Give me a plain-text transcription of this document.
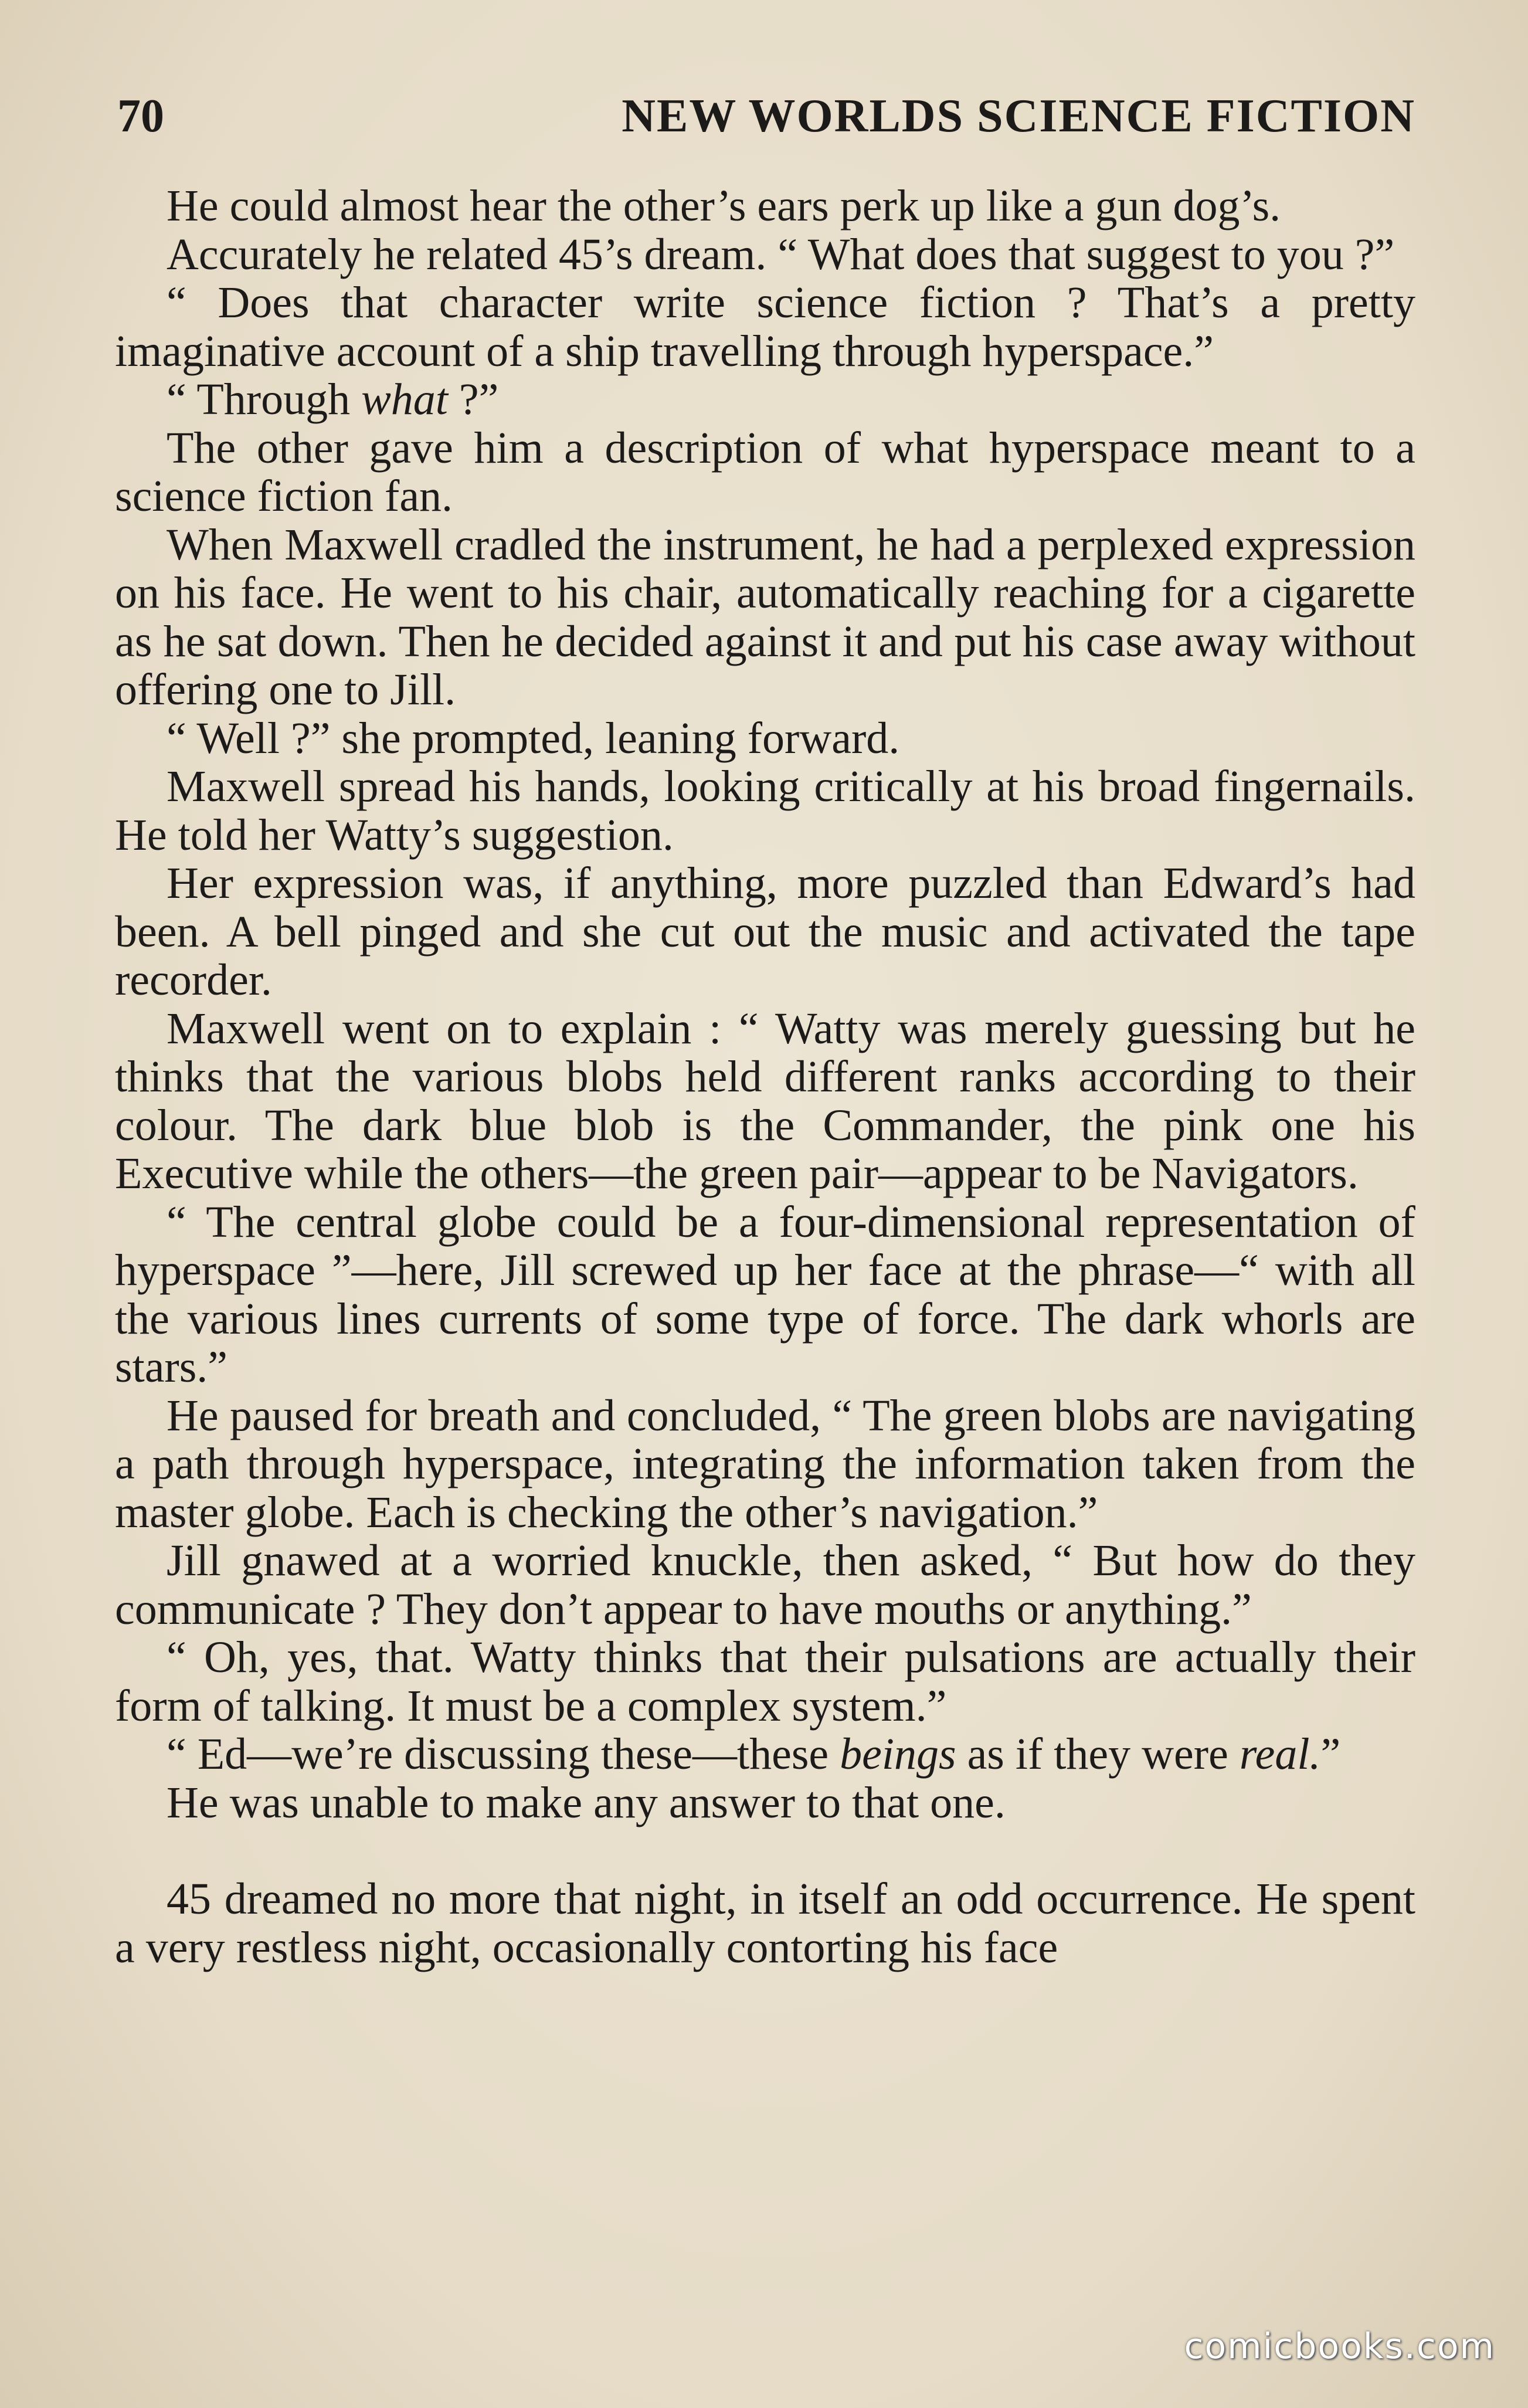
70	NEW WORLDS SCIENCE FICTION

He could almost hear the other’s ears perk up like a gun dog’s.

Accurately he related 45’s dream. “ What does that suggest to you ?”

“ Does that character write science fiction ? That’s a pretty imaginative account of a ship travelling through hyperspace.”

“ Through what ?”

The other gave him a description of what hyperspace meant to a science fiction fan.

When Maxwell cradled the instrument, he had a perplexed expression on his face. He went to his chair, automatically reaching for a cigarette as he sat down. Then he decided against it and put his case away without offering one to Jill.

“ Well ?” she prompted, leaning forward.

Maxwell spread his hands, looking critically at his broad fingernails. He told her Watty’s suggestion.

Her expression was, if anything, more puzzled than Edward’s had been. A bell pinged and she cut out the music and activated the tape recorder.

Maxwell went on to explain : “ Watty was merely guessing but he thinks that the various blobs held different ranks according to their colour. The dark blue blob is the Commander, the pink one his Executive while the others—the green pair—appear to be Navigators.

“ The central globe could be a four-dimensional representation of hyperspace ”—here, Jill screwed up her face at the phrase—“ with all the various lines currents of some type of force. The dark whorls are stars.”

He paused for breath and concluded, “ The green blobs are navigating a path through hyperspace, integrating the information taken from the master globe. Each is checking the other’s navigation.”

Jill gnawed at a worried knuckle, then asked, “ But how do they communicate ? They don’t appear to have mouths or anything.”

“ Oh, yes, that. Watty thinks that their pulsations are actually their form of talking. It must be a complex system.”

“ Ed—we’re discussing these—these beings as if they were real.”

He was unable to make any answer to that one.

45 dreamed no more that night, in itself an odd occurrence. He spent a very restless night, occasionally contorting his face

comicbooks.com
